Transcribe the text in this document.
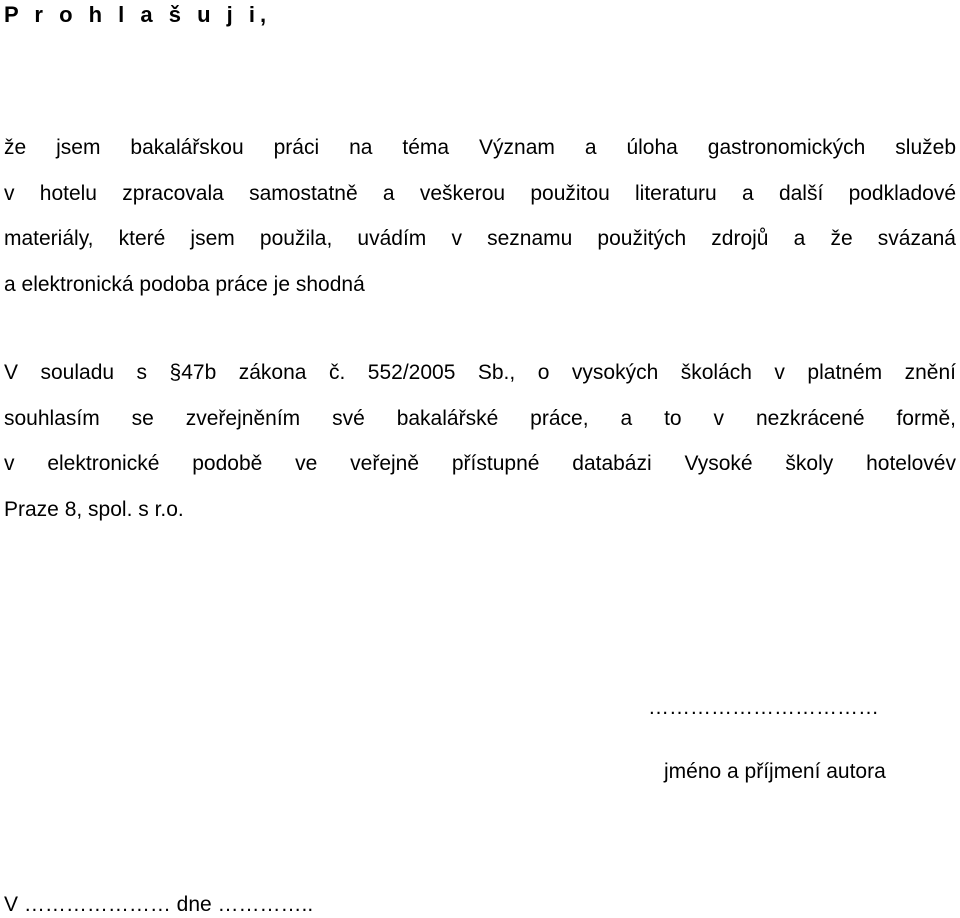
P r o h l a š u j i,
že jsem bakalářskou práci na téma Význam a úloha gastronomických služeb
v hotelu zpracovala samostatně a veškerou použitou literaturu a další podkladové
materiály, které jsem použila, uvádím v seznamu použitých zdrojů a že svázaná
a elektronická podoba práce je shodná
V souladu s §47b zákona č. 552/2005 Sb., o vysokých školách v platném znění
souhlasím se zveřejněním své bakalářské práce, a to v nezkrácené formě,
v elektronické podobě ve veřejně přístupné databázi Vysoké školy hotelovév
Praze 8, spol. s r.o.
……………………………
jméno a příjmení autora
V ………………… dne …………..
